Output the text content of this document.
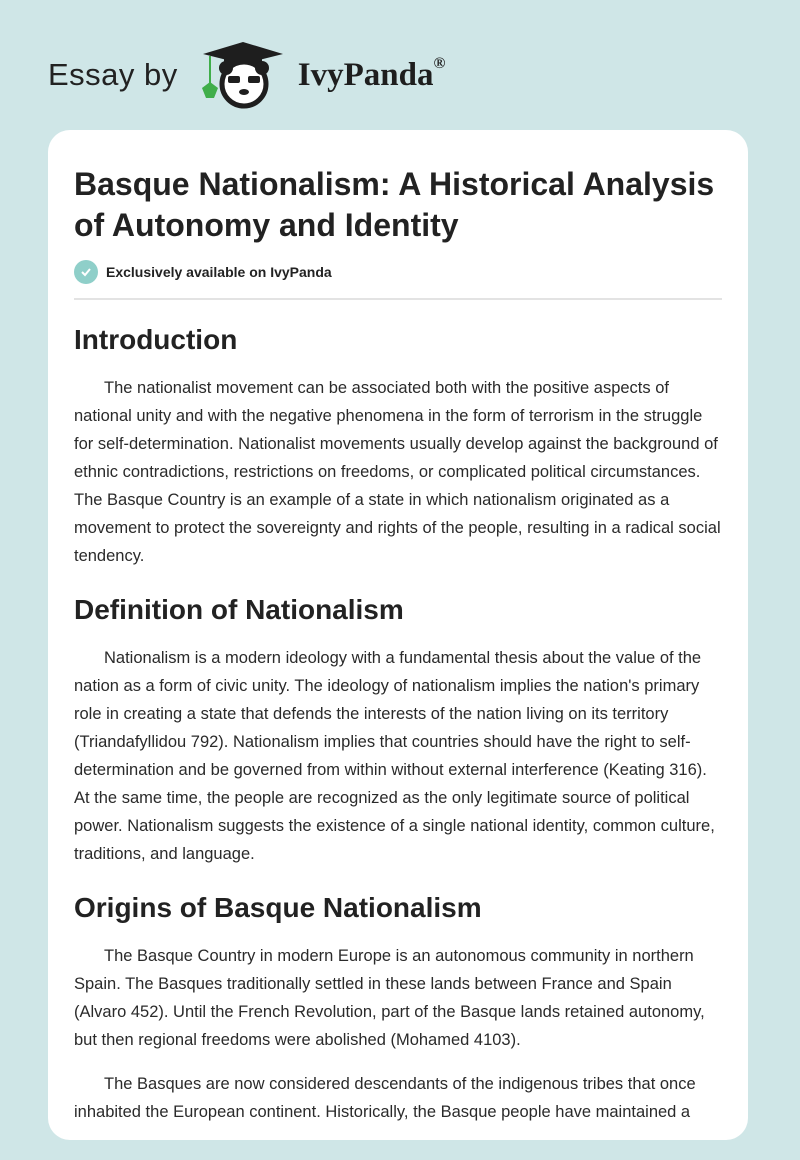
Essay by	IvyPanda®
Basque Nationalism: A Historical Analysis of Autonomy and Identity
Exclusively available on IvyPanda
Introduction

The nationalist movement can be associated both with the positive aspects of national unity and with the negative phenomena in the form of terrorism in the struggle for self-determination. Nationalist movements usually develop against the background of ethnic contradictions, restrictions on freedoms, or complicated political circumstances. The Basque Country is an example of a state in which nationalism originated as a movement to protect the sovereignty and rights of the people, resulting in a radical social tendency.

Definition of Nationalism

Nationalism is a modern ideology with a fundamental thesis about the value of the nation as a form of civic unity. The ideology of nationalism implies the nation's primary role in creating a state that defends the interests of the nation living on its territory (Triandafyllidou 792). Nationalism implies that countries should have the right to self-determination and be governed from within without external interference (Keating 316). At the same time, the people are recognized as the only legitimate source of political power. Nationalism suggests the existence of a single national identity, common culture, traditions, and language.

Origins of Basque Nationalism

The Basque Country in modern Europe is an autonomous community in northern Spain. The Basques traditionally settled in these lands between France and Spain (Alvaro 452). Until the French Revolution, part of the Basque lands retained autonomy, but then regional freedoms were abolished (Mohamed 4103).

The Basques are now considered descendants of the indigenous tribes that once inhabited the European continent. Historically, the Basque people have maintained a
